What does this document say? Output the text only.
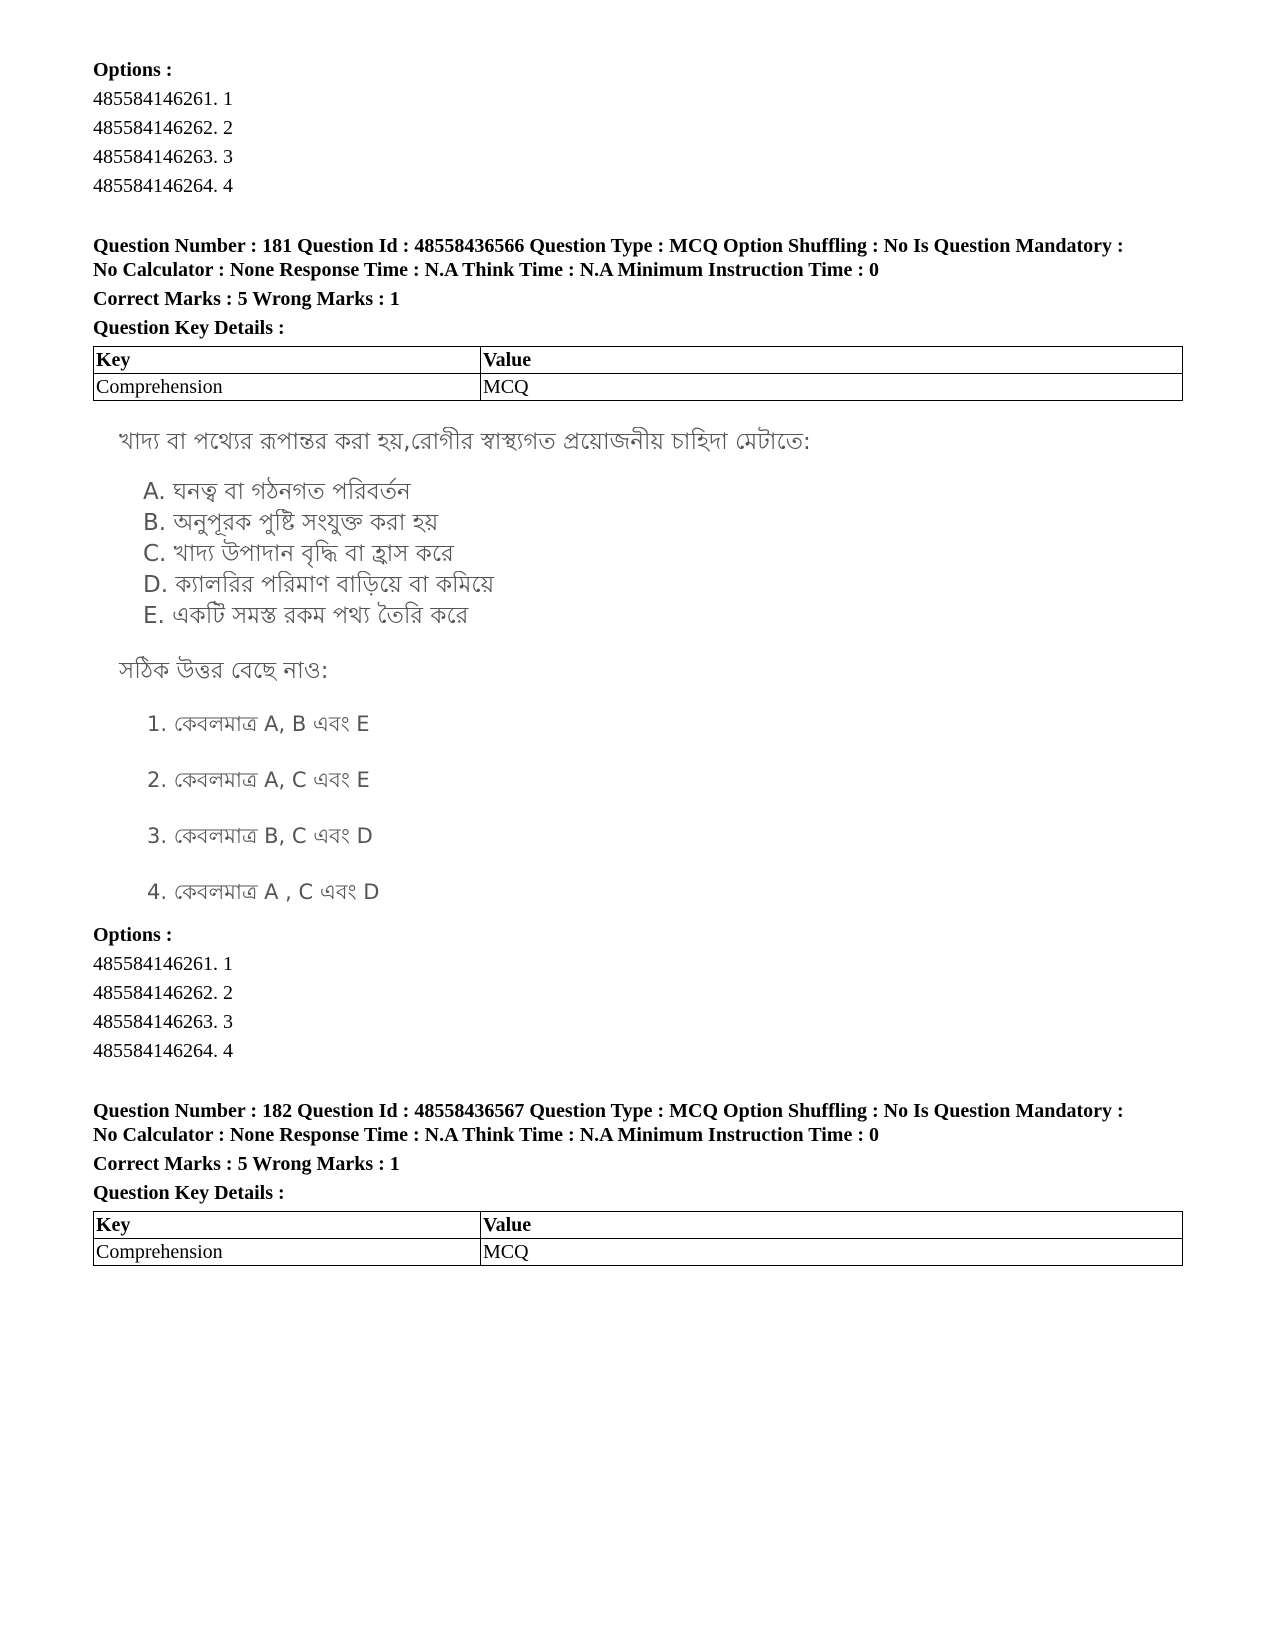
Options :

485584146261. 1

485584146262. 2

485584146263. 3

485584146264. 4

Question Number : 181 Question Id : 48558436566 Question Type : MCQ Option Shuffling : No Is Question Mandatory :

No Calculator : None Response Time : N.A Think Time : N.A Minimum Instruction Time : 0

Correct Marks : 5 Wrong Marks : 1

Question Key Details :

Key	Value
Comprehension	MCQ

খাদ্য বা পথ্যের রূপান্তর করা হয়,রোগীর স্বাস্থ্যগত প্রয়োজনীয় চাহিদা মেটাতে:

A. ঘনত্ব বা গঠনগত পরিবর্তন

B. অনুপূরক পুষ্টি সংযুক্ত করা হয়

C. খাদ্য উপাদান বৃদ্ধি বা হ্রাস করে

D. ক্যালরির পরিমাণ বাড়িয়ে বা কমিয়ে

E. একটি সমস্ত রকম পথ্য তৈরি করে

সঠিক উত্তর বেছে নাও:

1. কেবলমাত্র A, B এবং E

2. কেবলমাত্র A, C এবং E

3. কেবলমাত্র B, C এবং D

4. কেবলমাত্র A , C এবং D

Options :

485584146261. 1

485584146262. 2

485584146263. 3

485584146264. 4

Question Number : 182 Question Id : 48558436567 Question Type : MCQ Option Shuffling : No Is Question Mandatory :

No Calculator : None Response Time : N.A Think Time : N.A Minimum Instruction Time : 0

Correct Marks : 5 Wrong Marks : 1

Question Key Details :

Key	Value
Comprehension	MCQ
